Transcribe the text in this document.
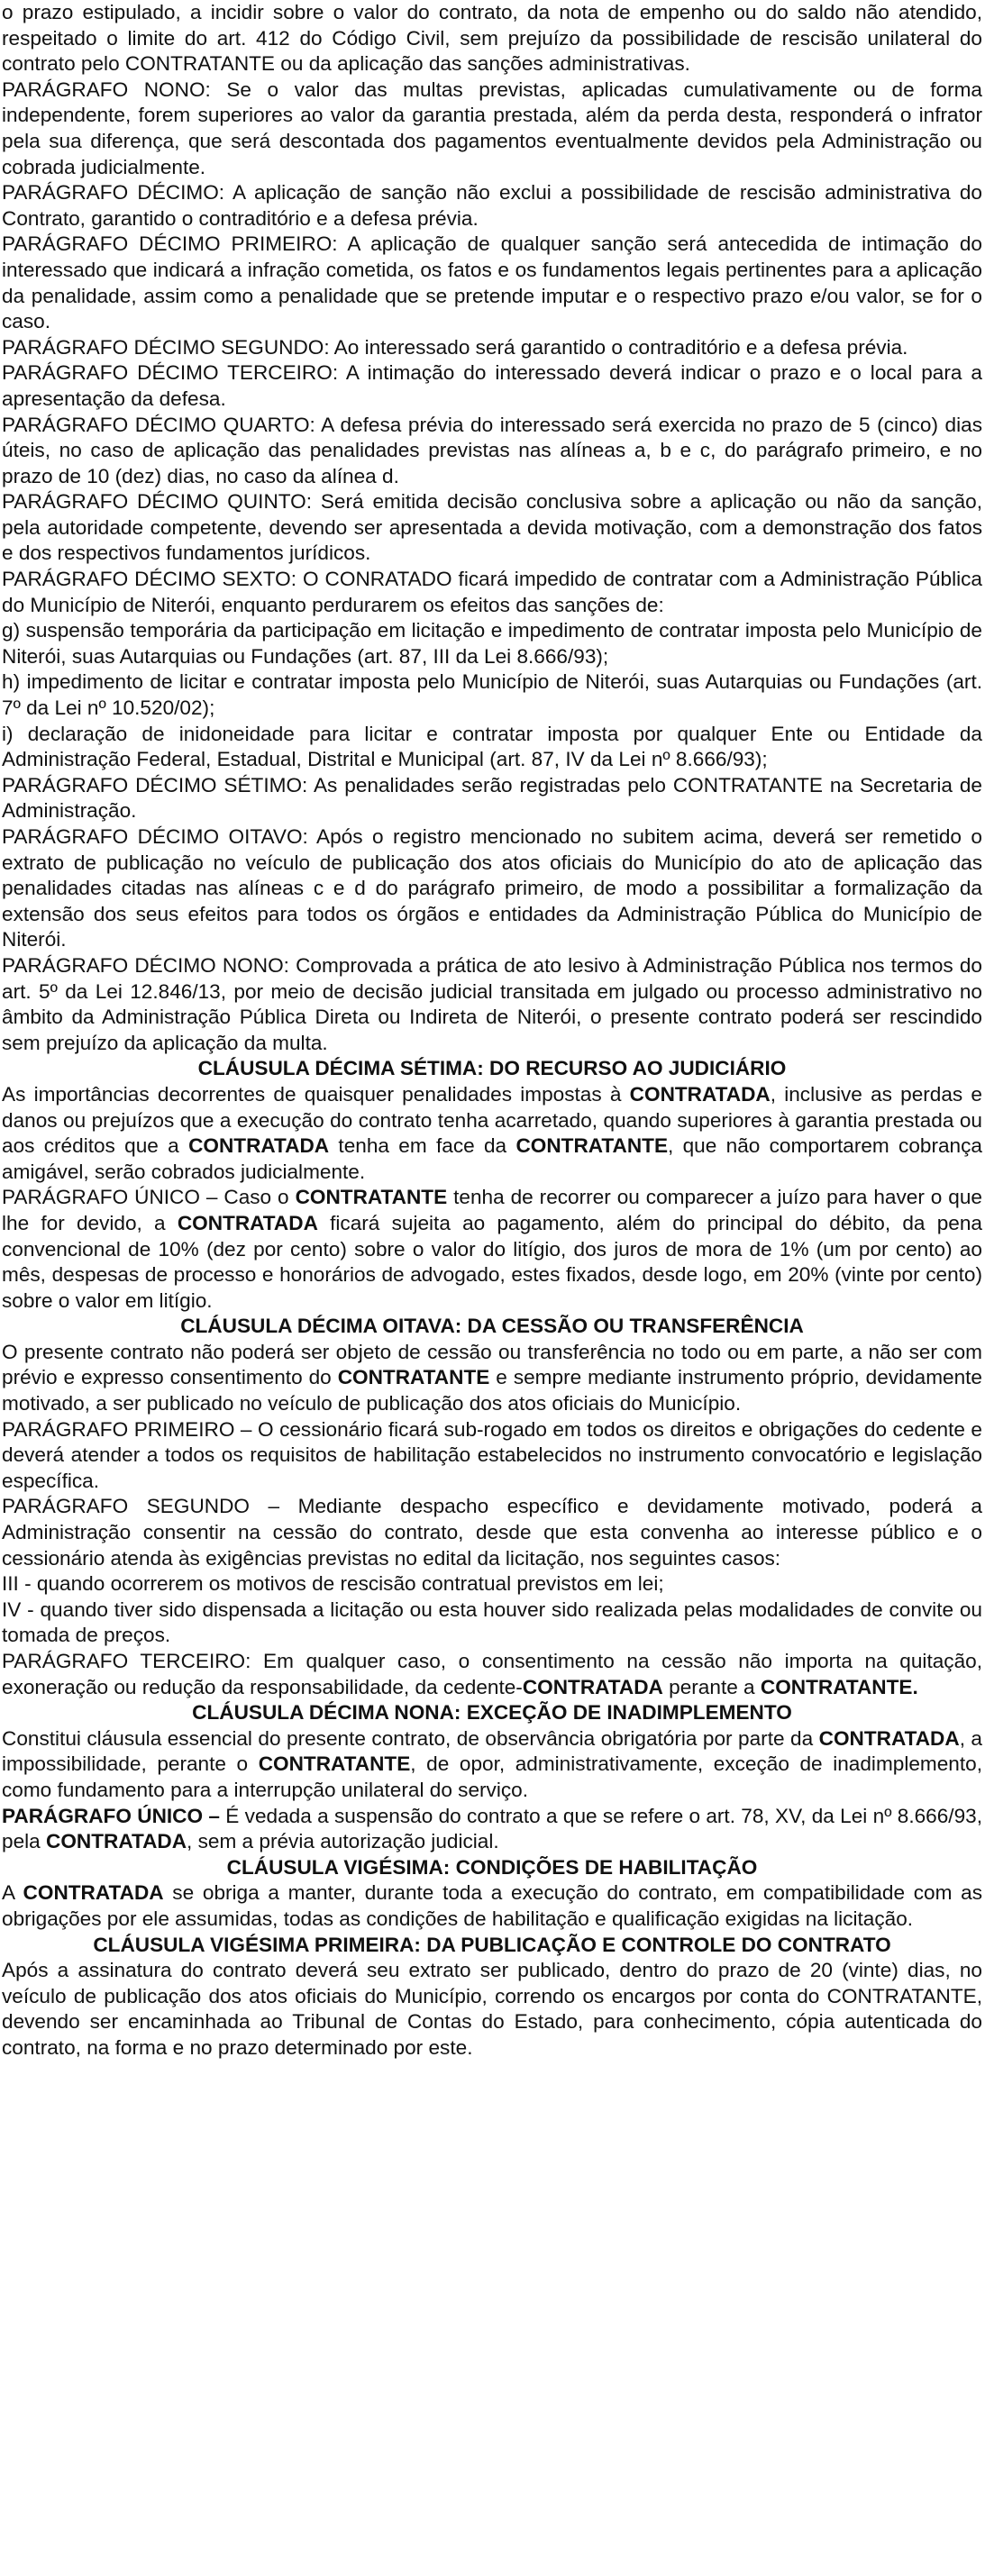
o prazo estipulado, a incidir sobre o valor do contrato, da nota de empenho ou do saldo não atendido, respeitado o limite do art. 412 do Código Civil, sem prejuízo da possibilidade de rescisão unilateral do contrato pelo CONTRATANTE ou da aplicação das sanções administrativas.

PARÁGRAFO NONO: Se o valor das multas previstas, aplicadas cumulativamente ou de forma independente, forem superiores ao valor da garantia prestada, além da perda desta, responderá o infrator pela sua diferença, que será descontada dos pagamentos eventualmente devidos pela Administração ou cobrada judicialmente.

PARÁGRAFO DÉCIMO: A aplicação de sanção não exclui a possibilidade de rescisão administrativa do Contrato, garantido o contraditório e a defesa prévia.

PARÁGRAFO DÉCIMO PRIMEIRO: A aplicação de qualquer sanção será antecedida de intimação do interessado que indicará a infração cometida, os fatos e os fundamentos legais pertinentes para a aplicação da penalidade, assim como a penalidade que se pretende imputar e o respectivo prazo e/ou valor, se for o caso.

PARÁGRAFO DÉCIMO SEGUNDO: Ao interessado será garantido o contraditório e a defesa prévia.

PARÁGRAFO DÉCIMO TERCEIRO: A intimação do interessado deverá indicar o prazo e o local para a apresentação da defesa.

PARÁGRAFO DÉCIMO QUARTO: A defesa prévia do interessado será exercida no prazo de 5 (cinco) dias úteis, no caso de aplicação das penalidades previstas nas alíneas a, b e c, do parágrafo primeiro, e no prazo de 10 (dez) dias, no caso da alínea d.

PARÁGRAFO DÉCIMO QUINTO: Será emitida decisão conclusiva sobre a aplicação ou não da sanção, pela autoridade competente, devendo ser apresentada a devida motivação, com a demonstração dos fatos e dos respectivos fundamentos jurídicos.

PARÁGRAFO DÉCIMO SEXTO: O CONRATADO ficará impedido de contratar com a Administração Pública do Município de Niterói, enquanto perdurarem os efeitos das sanções de:

g) suspensão temporária da participação em licitação e impedimento de contratar imposta pelo Município de Niterói, suas Autarquias ou Fundações (art. 87, III da Lei 8.666/93);

h) impedimento de licitar e contratar imposta pelo Município de Niterói, suas Autarquias ou Fundações (art. 7º da Lei nº 10.520/02);

i) declaração de inidoneidade para licitar e contratar imposta por qualquer Ente ou Entidade da Administração Federal, Estadual, Distrital e Municipal (art. 87, IV da Lei nº 8.666/93);

PARÁGRAFO DÉCIMO SÉTIMO: As penalidades serão registradas pelo CONTRATANTE na Secretaria de Administração.

PARÁGRAFO DÉCIMO OITAVO: Após o registro mencionado no subitem acima, deverá ser remetido o extrato de publicação no veículo de publicação dos atos oficiais do Município do ato de aplicação das penalidades citadas nas alíneas c e d do parágrafo primeiro, de modo a possibilitar a formalização da extensão dos seus efeitos para todos os órgãos e entidades da Administração Pública do Município de Niterói.

PARÁGRAFO DÉCIMO NONO: Comprovada a prática de ato lesivo à Administração Pública nos termos do art. 5º da Lei 12.846/13, por meio de decisão judicial transitada em julgado ou processo administrativo no âmbito da Administração Pública Direta ou Indireta de Niterói, o presente contrato poderá ser rescindido sem prejuízo da aplicação da multa.

CLÁUSULA DÉCIMA SÉTIMA: DO RECURSO AO JUDICIÁRIO

As importâncias decorrentes de quaisquer penalidades impostas à CONTRATADA, inclusive as perdas e danos ou prejuízos que a execução do contrato tenha acarretado, quando superiores à garantia prestada ou aos créditos que a CONTRATADA tenha em face da CONTRATANTE, que não comportarem cobrança amigável, serão cobrados judicialmente.

PARÁGRAFO ÚNICO – Caso o CONTRATANTE tenha de recorrer ou comparecer a juízo para haver o que lhe for devido, a CONTRATADA ficará sujeita ao pagamento, além do principal do débito, da pena convencional de 10% (dez por cento) sobre o valor do litígio, dos juros de mora de 1% (um por cento) ao mês, despesas de processo e honorários de advogado, estes fixados, desde logo, em 20% (vinte por cento) sobre o valor em litígio.

CLÁUSULA DÉCIMA OITAVA: DA CESSÃO OU TRANSFERÊNCIA

O presente contrato não poderá ser objeto de cessão ou transferência no todo ou em parte, a não ser com prévio e expresso consentimento do CONTRATANTE e sempre mediante instrumento próprio, devidamente motivado, a ser publicado no veículo de publicação dos atos oficiais do Município.

PARÁGRAFO PRIMEIRO – O cessionário ficará sub-rogado em todos os direitos e obrigações do cedente e deverá atender a todos os requisitos de habilitação estabelecidos no instrumento convocatório e legislação específica.

PARÁGRAFO SEGUNDO – Mediante despacho específico e devidamente motivado, poderá a Administração consentir na cessão do contrato, desde que esta convenha ao interesse público e o cessionário atenda às exigências previstas no edital da licitação, nos seguintes casos:

III - quando ocorrerem os motivos de rescisão contratual previstos em lei;

IV - quando tiver sido dispensada a licitação ou esta houver sido realizada pelas modalidades de convite ou tomada de preços.

PARÁGRAFO TERCEIRO: Em qualquer caso, o consentimento na cessão não importa na quitação, exoneração ou redução da responsabilidade, da cedente-CONTRATADA perante a CONTRATANTE.

CLÁUSULA DÉCIMA NONA: EXCEÇÃO DE INADIMPLEMENTO

Constitui cláusula essencial do presente contrato, de observância obrigatória por parte da CONTRATADA, a impossibilidade, perante o CONTRATANTE, de opor, administrativamente, exceção de inadimplemento, como fundamento para a interrupção unilateral do serviço.

PARÁGRAFO ÚNICO – É vedada a suspensão do contrato a que se refere o art. 78, XV, da Lei nº 8.666/93, pela CONTRATADA, sem a prévia autorização judicial.

CLÁUSULA VIGÉSIMA: CONDIÇÕES DE HABILITAÇÃO

A CONTRATADA se obriga a manter, durante toda a execução do contrato, em compatibilidade com as obrigações por ele assumidas, todas as condições de habilitação e qualificação exigidas na licitação.

CLÁUSULA VIGÉSIMA PRIMEIRA: DA PUBLICAÇÃO E CONTROLE DO CONTRATO

Após a assinatura do contrato deverá seu extrato ser publicado, dentro do prazo de 20 (vinte) dias, no veículo de publicação dos atos oficiais do Município, correndo os encargos por conta do CONTRATANTE, devendo ser encaminhada ao Tribunal de Contas do Estado, para conhecimento, cópia autenticada do contrato, na forma e no prazo determinado por este.
